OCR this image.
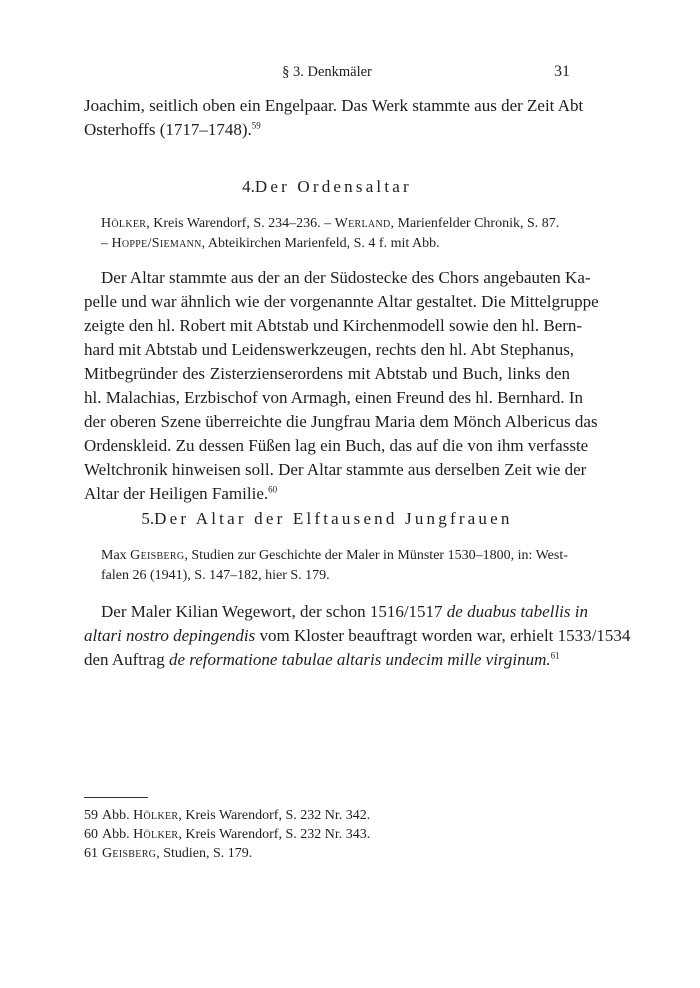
§ 3. Denkmäler	31
Joachim, seitlich oben ein Engelpaar. Das Werk stammte aus der Zeit Abt
Osterhoffs (1717–1748).$^{59}$
4.Der Ordensaltar
Hölker, Kreis Warendorf, S. 234–236. – Werland, Marienfelder Chronik, S. 87.
– Hoppe/Siemann, Abteikirchen Marienfeld, S. 4 f. mit Abb.
Der Altar stammte aus der an der Südostecke des Chors angebauten Ka-
pelle und war ähnlich wie der vorgenannte Altar gestaltet. Die Mittelgruppe
zeigte den hl. Robert mit Abtstab und Kirchenmodell sowie den hl. Bern-
hard mit Abtstab und Leidenswerkzeugen, rechts den hl. Abt Stephanus,
Mitbegründer des Zisterzienserordens mit Abtstab und Buch, links den
hl. Malachias, Erzbischof von Armagh, einen Freund des hl. Bernhard. In
der oberen Szene überreichte die Jungfrau Maria dem Mönch Albericus das
Ordenskleid. Zu dessen Füßen lag ein Buch, das auf die von ihm verfasste
Weltchronik hinweisen soll. Der Altar stammte aus derselben Zeit wie der
Altar der Heiligen Familie.$^{60}$
5.Der Altar der Elftausend Jungfrauen
Max Geisberg, Studien zur Geschichte der Maler in Münster 1530–1800, in: West-
falen 26 (1941), S. 147–182, hier S. 179.
Der Maler Kilian Wegewort, der schon 1516/1517 de duabus tabellis in
altari nostro depingendis vom Kloster beauftragt worden war, erhielt 1533/1534
den Auftrag de reformatione tabulae altaris undecim mille virginum.$^{61}$
59 Abb. Hölker, Kreis Warendorf, S. 232 Nr. 342.
60 Abb. Hölker, Kreis Warendorf, S. 232 Nr. 343.
61 Geisberg, Studien, S. 179.
